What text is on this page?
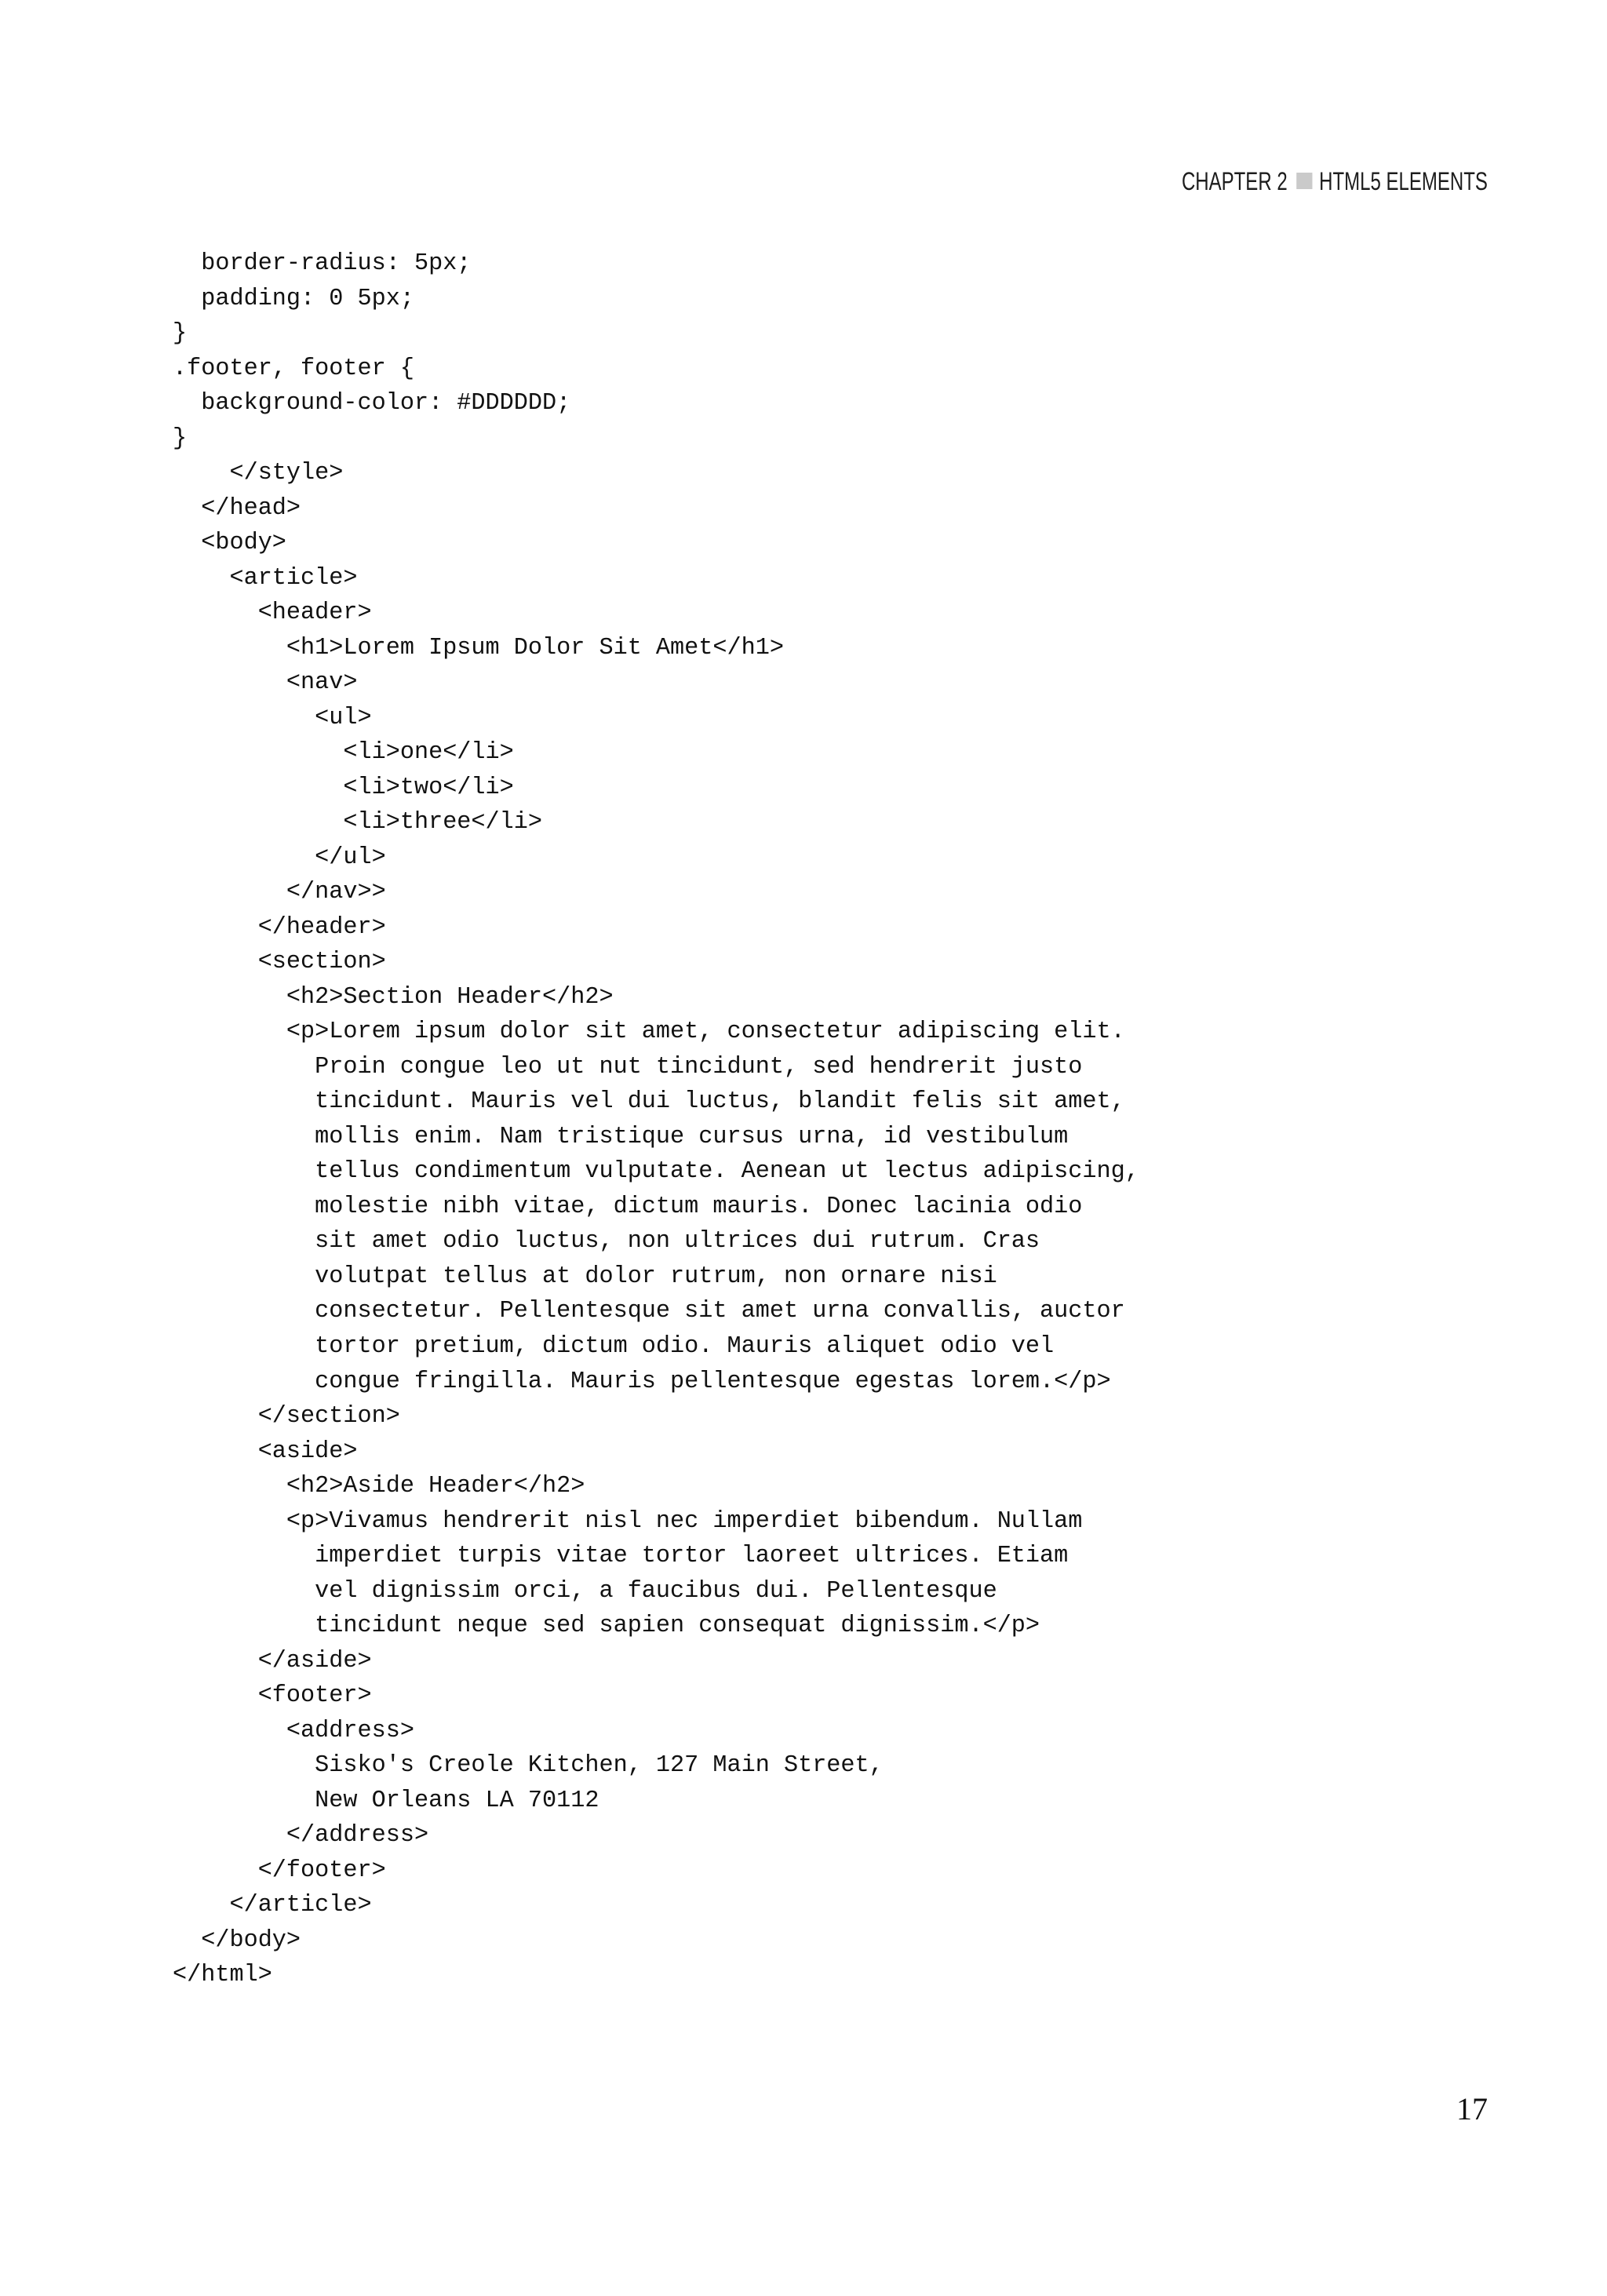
CHAPTER 2 HTML5 ELEMENTS
border-radius: 5px;
padding: 0 5px;
}
.footer, footer {
background-color: #DDDDDD;
}
</style>
</head>
<body>
<article>
<header>
<h1>Lorem Ipsum Dolor Sit Amet</h1>
<nav>
<ul>
<li>one</li>
<li>two</li>
<li>three</li>
</ul>
</nav>>
</header>
<section>
<h2>Section Header</h2>
<p>Lorem ipsum dolor sit amet, consectetur adipiscing elit.
Proin congue leo ut nut tincidunt, sed hendrerit justo
tincidunt. Mauris vel dui luctus, blandit felis sit amet,
mollis enim. Nam tristique cursus urna, id vestibulum
tellus condimentum vulputate. Aenean ut lectus adipiscing,
molestie nibh vitae, dictum mauris. Donec lacinia odio
sit amet odio luctus, non ultrices dui rutrum. Cras
volutpat tellus at dolor rutrum, non ornare nisi
consectetur. Pellentesque sit amet urna convallis, auctor
tortor pretium, dictum odio. Mauris aliquet odio vel
congue fringilla. Mauris pellentesque egestas lorem.</p>
</section>
<aside>
<h2>Aside Header</h2>
<p>Vivamus hendrerit nisl nec imperdiet bibendum. Nullam
imperdiet turpis vitae tortor laoreet ultrices. Etiam
vel dignissim orci, a faucibus dui. Pellentesque
tincidunt neque sed sapien consequat dignissim.</p>
</aside>
<footer>
<address>
Sisko's Creole Kitchen, 127 Main Street,
New Orleans LA 70112
</address>
</footer>
</article>
</body>
</html>
17
